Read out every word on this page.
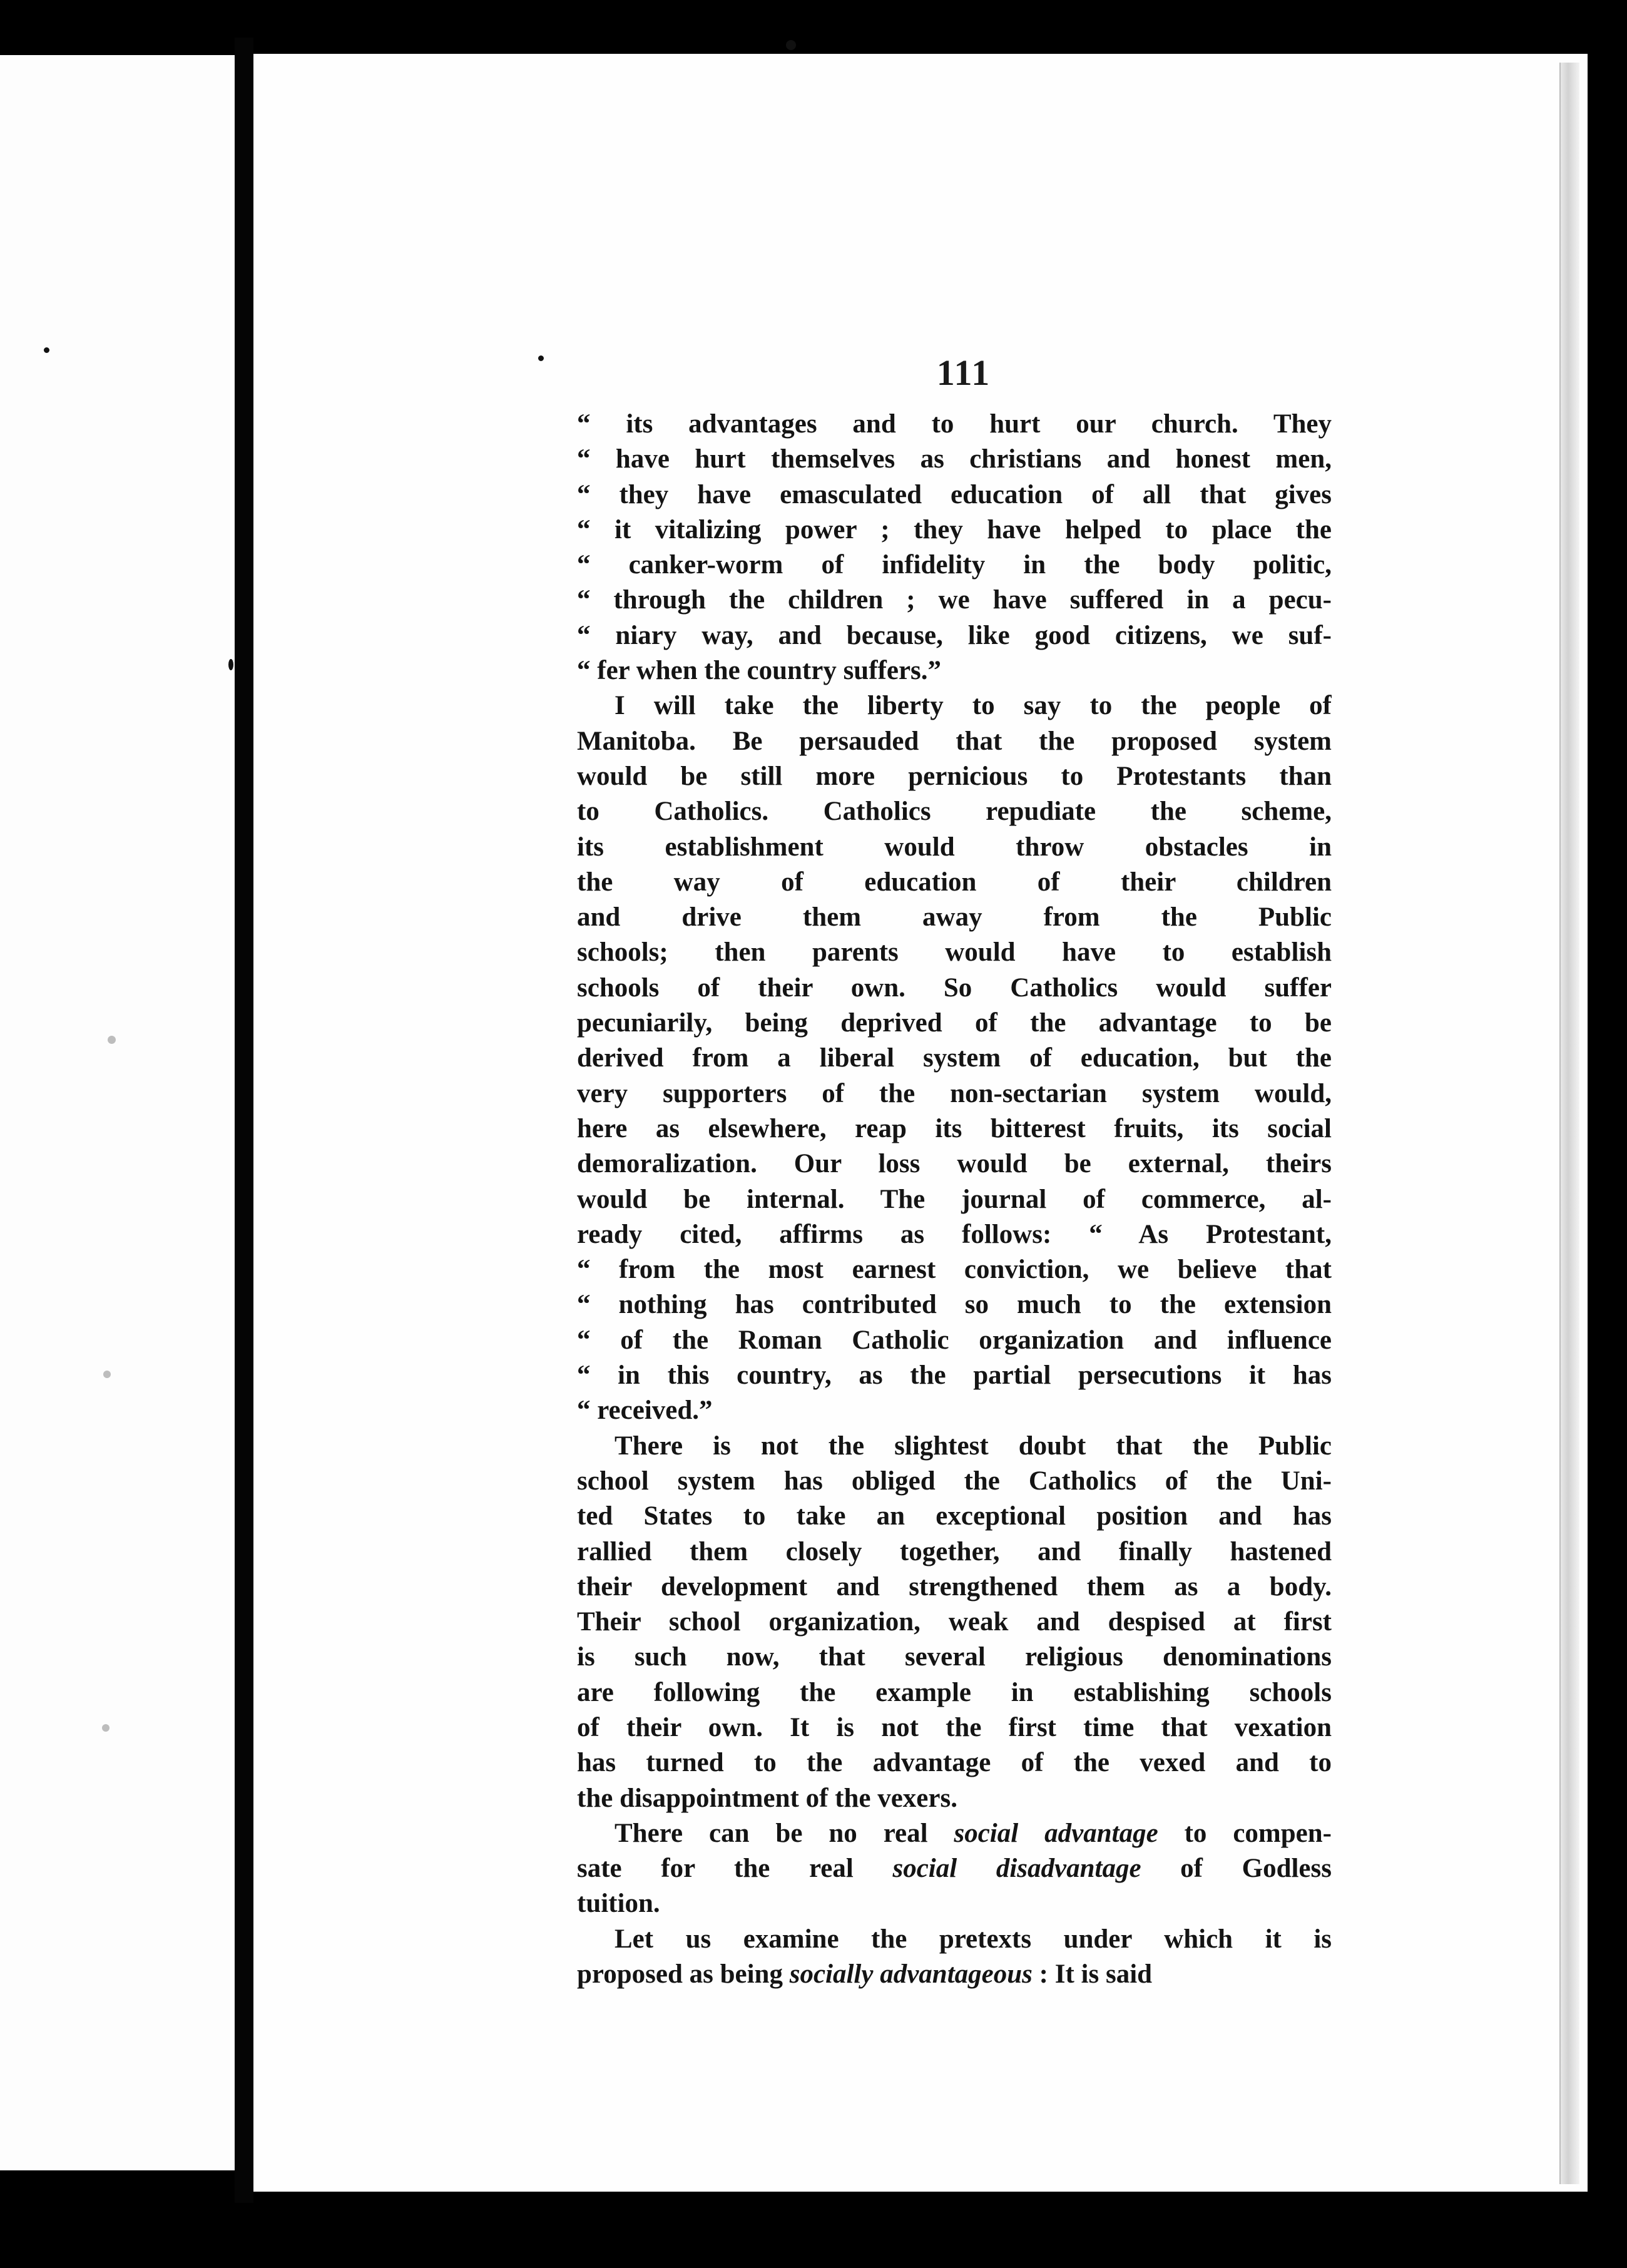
111
“ its advantages and to hurt our church. They
“ have hurt themselves as christians and honest men,
“ they have emasculated education of all that gives
“ it vitalizing power ; they have helped to place the
“ canker-worm of infidelity in the body politic,
“ through the children ; we have suffered in a pecu-
“ niary way, and because, like good citizens, we suf-
“ fer when the country suffers.”
I will take the liberty to say to the people of
Manitoba. Be persauded that the proposed system
would be still more pernicious to Protestants than
to Catholics. Catholics repudiate the scheme,
its establishment would throw obstacles in
the way of education of their children
and drive them away from the Public
schools; then parents would have to establish
schools of their own. So Catholics would suffer
pecuniarily, being deprived of the advantage to be
derived from a liberal system of education, but the
very supporters of the non-sectarian system would,
here as elsewhere, reap its bitterest fruits, its social
demoralization. Our loss would be external, theirs
would be internal. The journal of commerce, al-
ready cited, affirms as follows: “ As Protestant,
“ from the most earnest conviction, we believe that
“ nothing has contributed so much to the extension
“ of the Roman Catholic organization and influence
“ in this country, as the partial persecutions it has
“ received.”
There is not the slightest doubt that the Public
school system has obliged the Catholics of the Uni-
ted States to take an exceptional position and has
rallied them closely together, and finally hastened
their development and strengthened them as a body.
Their school organization, weak and despised at first
is such now, that several religious denominations
are following the example in establishing schools
of their own. It is not the first time that vexation
has turned to the advantage of the vexed and to
the disappointment of the vexers.
There can be no real social advantage to compen-
sate for the real social disadvantage of Godless
tuition.
Let us examine the pretexts under which it is
proposed as being socially advantageous : It is said
